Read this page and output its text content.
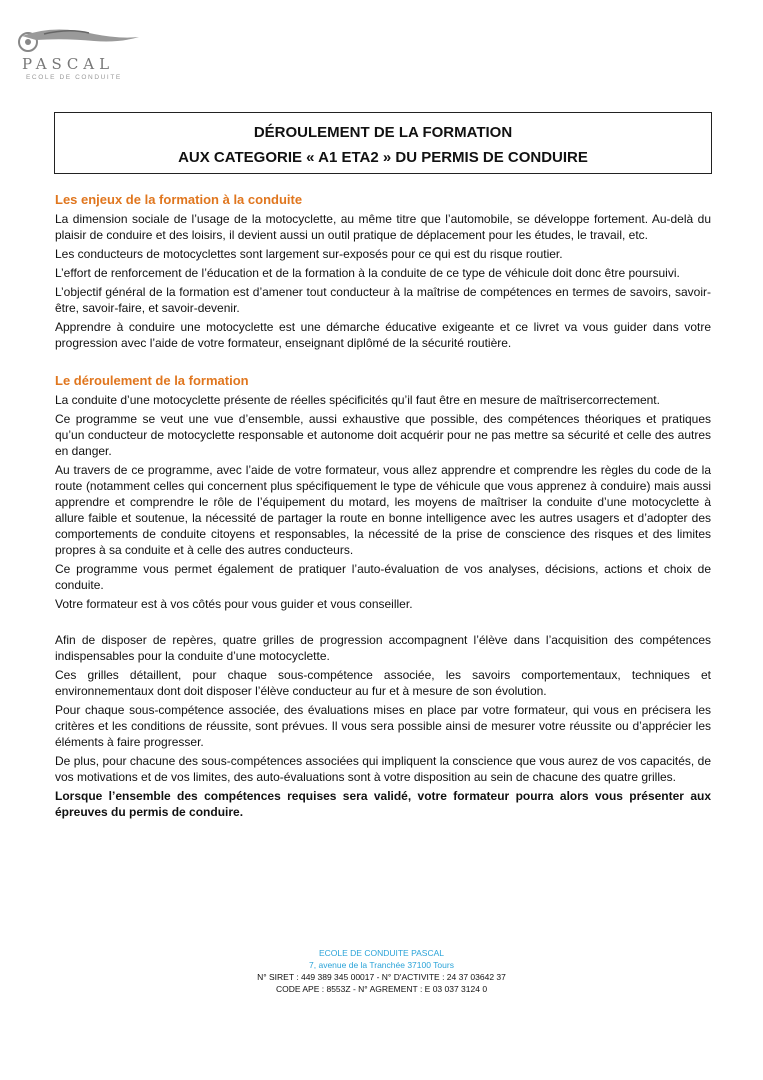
PASCAL
ECOLE DE CONDUITE
DÉROULEMENT DE LA FORMATION
AUX CATEGORIE « A1 ETA2 » DU PERMIS DE CONDUIRE
Les enjeux de la formation à la conduite

La dimension sociale de l’usage de la motocyclette, au même titre que l’automobile, se développe fortement. Au-delà du plaisir de conduire et des loisirs, il devient aussi un outil pratique de déplacement pour les études, le travail, etc.

Les conducteurs de motocyclettes sont largement sur-exposés pour ce qui est du risque routier.

L’effort de renforcement de l’éducation et de la formation à la conduite de ce type de véhicule doit donc être poursuivi.

L’objectif général de la formation est d’amener tout conducteur à la maîtrise de compétences en termes de savoirs, savoir-être, savoir-faire, et savoir-devenir.

Apprendre à conduire une motocyclette est une démarche éducative exigeante et ce livret va vous guider dans votre progression avec l’aide de votre formateur, enseignant diplômé de la sécurité routière.

Le déroulement de la formation

La conduite d’une motocyclette présente de réelles spécificités qu’il faut être en mesure de maîtrisercorrectement.

Ce programme se veut une vue d’ensemble, aussi exhaustive que possible, des compétences théoriques et pratiques qu’un conducteur de motocyclette responsable et autonome doit acquérir pour ne pas mettre sa sécurité et celle des autres en danger.

Au travers de ce programme, avec l’aide de votre formateur, vous allez apprendre et comprendre les règles du code de la route (notamment celles qui concernent plus spécifiquement le type de véhicule que vous apprenez à conduire) mais aussi apprendre et comprendre le rôle de l’équipement du motard, les moyens de maîtriser la conduite d’une motocyclette à allure faible et soutenue, la nécessité de partager la route en bonne intelligence avec les autres usagers et d’adopter des comportements de conduite citoyens et responsables, la nécessité de la prise de conscience des risques et des limites propres à sa conduite et à celle des autres conducteurs.

Ce programme vous permet également de pratiquer l’auto-évaluation de vos analyses, décisions, actions et choix de conduite.

Votre formateur est à vos côtés pour vous guider et vous conseiller.

Afin de disposer de repères, quatre grilles de progression accompagnent l’élève dans l’acquisition des compétences indispensables pour la conduite d’une motocyclette.

Ces grilles détaillent, pour chaque sous-compétence associée, les savoirs comportementaux, techniques et environnementaux dont doit disposer l’élève conducteur au fur et à mesure de son évolution.

Pour chaque sous-compétence associée, des évaluations mises en place par votre formateur, qui vous en précisera les critères et les conditions de réussite, sont prévues. Il vous sera possible ainsi de mesurer votre réussite ou d’apprécier les éléments à faire progresser.

De plus, pour chacune des sous-compétences associées qui impliquent la conscience que vous aurez de vos capacités, de vos motivations et de vos limites, des auto-évaluations sont à votre disposition au sein de chacune des quatre grilles.

Lorsque l’ensemble des compétences requises sera validé, votre formateur pourra alors vous présenter aux épreuves du permis de conduire.

ECOLE DE CONDUITE PASCAL
7, avenue de la Tranchée 37100 Tours
N° SIRET : 449 389 345 00017 - N° D'ACTIVITE : 24 37 03642 37
CODE APE : 8553Z - N° AGREMENT : E 03 037 3124 0
